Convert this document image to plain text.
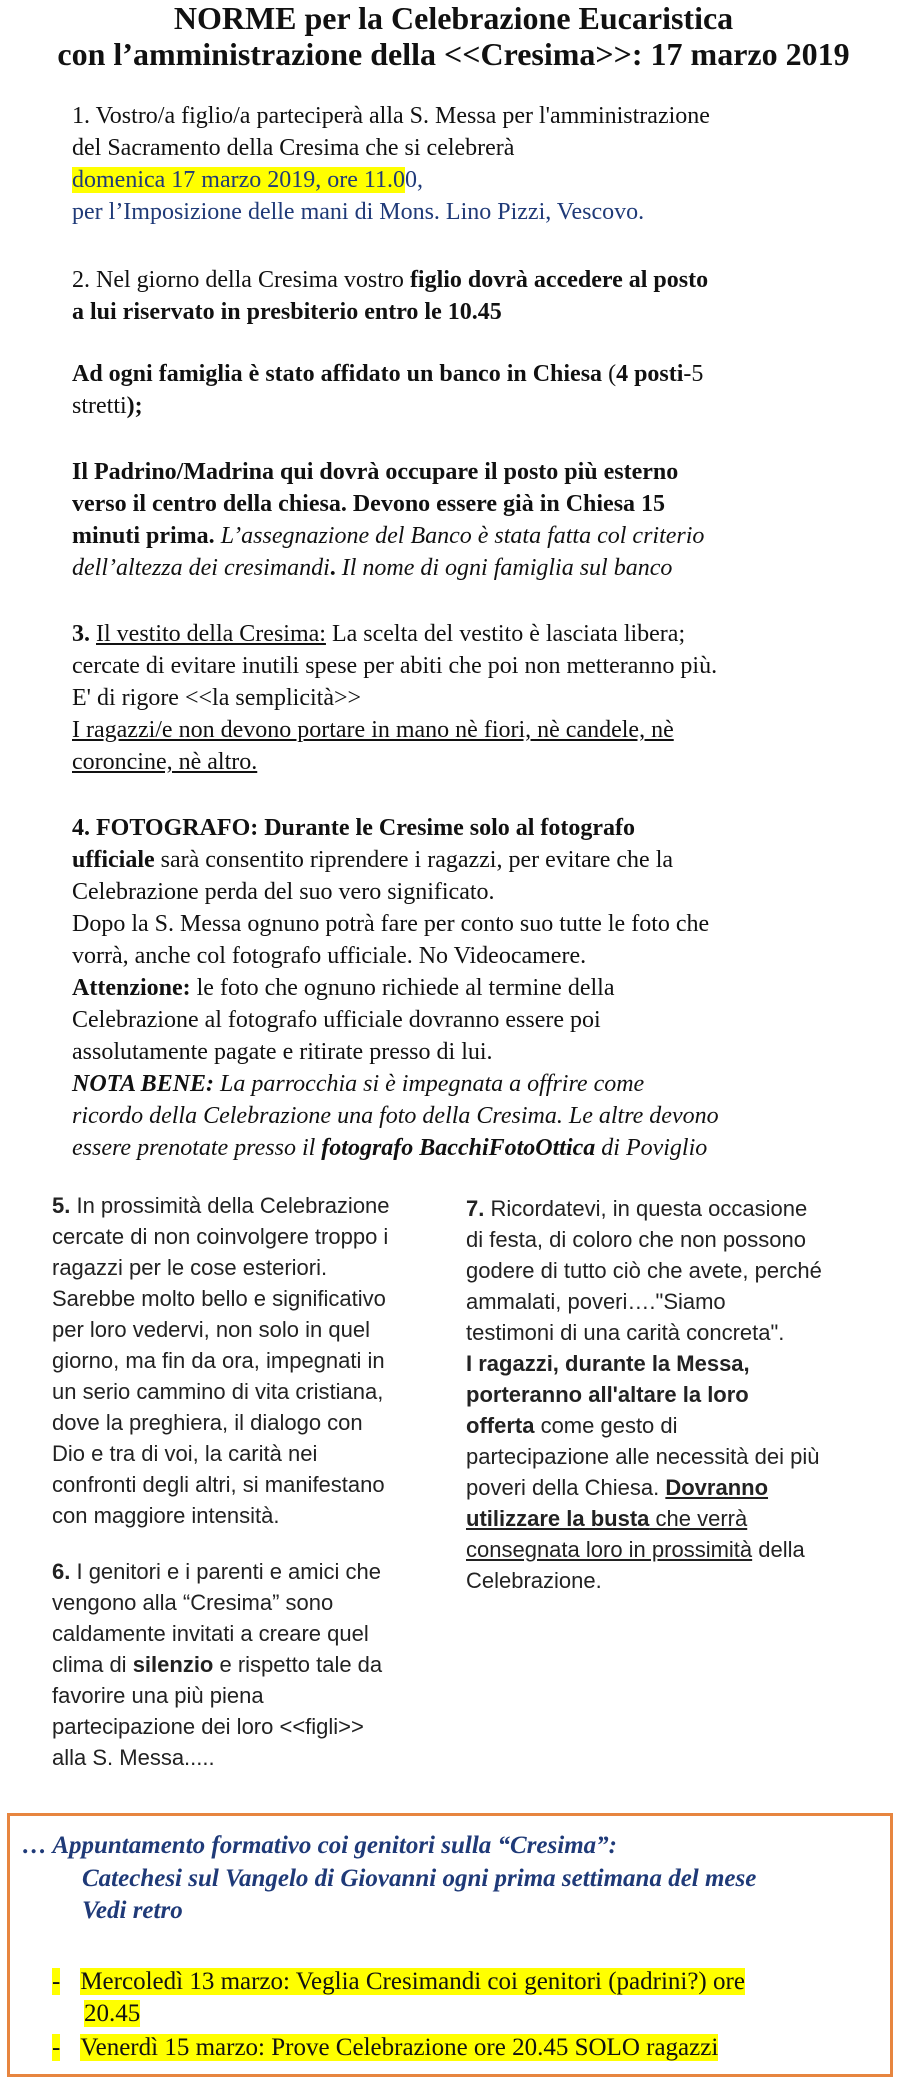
NORME per la Celebrazione Eucaristica
con l’amministrazione della <<Cresima>>: 17 marzo 2019
1. Vostro/a figlio/a parteciperà alla S. Messa per l'amministrazione
del Sacramento della Cresima che si celebrerà
domenica 17 marzo 2019, ore 11.00,
per l’Imposizione delle mani di Mons. Lino Pizzi, Vescovo.
2. Nel giorno della Cresima vostro figlio dovrà accedere al posto
a lui riservato in presbiterio entro le 10.45
Ad ogni famiglia è stato affidato un banco in Chiesa (4 posti-5
stretti);
Il Padrino/Madrina qui dovrà occupare il posto più esterno
verso il centro della chiesa. Devono essere già in Chiesa 15
minuti prima. L’assegnazione del Banco è stata fatta col criterio
dell’altezza dei cresimandi. Il nome di ogni famiglia sul banco
3. Il vestito della Cresima: La scelta del vestito è lasciata libera;
cercate di evitare inutili spese per abiti che poi non metteranno più.
E' di rigore <<la semplicità>>
I ragazzi/e non devono portare in mano nè fiori, nè candele, nè
coroncine, nè altro.
4. FOTOGRAFO: Durante le Cresime solo al fotografo
ufficiale sarà consentito riprendere i ragazzi, per evitare che la
Celebrazione perda del suo vero significato.
Dopo la S. Messa ognuno potrà fare per conto suo tutte le foto che
vorrà, anche col fotografo ufficiale. No Videocamere.
Attenzione: le foto che ognuno richiede al termine della
Celebrazione al fotografo ufficiale dovranno essere poi
assolutamente pagate e ritirate presso di lui.
NOTA BENE: La parrocchia si è impegnata a offrire come
ricordo della Celebrazione una foto della Cresima. Le altre devono
essere prenotate presso il fotografo BacchiFotoOttica di Poviglio

5. In prossimità della Celebrazione

cercate di non coinvolgere troppo i

ragazzi per le cose esteriori.

Sarebbe molto bello e significativo

per loro vedervi, non solo in quel

giorno, ma fin da ora, impegnati in

un serio cammino di vita cristiana,

dove la preghiera, il dialogo con

Dio e tra di voi, la carità nei

confronti degli altri, si manifestano

con maggiore intensità.

6. I genitori e i parenti e amici che

vengono alla “Cresima” sono

caldamente invitati a creare quel

clima di silenzio e rispetto tale da

favorire una più piena

partecipazione dei loro <<figli>>

alla S. Messa.....

7. Ricordatevi, in questa occasione

di festa, di coloro che non possono

godere di tutto ciò che avete, perché

ammalati, poveri…."Siamo

testimoni di una carità concreta".

I ragazzi, durante la Messa,

porteranno all'altare la loro

offerta come gesto di

partecipazione alle necessità dei più

poveri della Chiesa. Dovranno

utilizzare la busta che verrà

consegnata loro in prossimità della

Celebrazione.

… Appuntamento formativo coi genitori sulla “Cresima”:
Catechesi sul Vangelo di Giovanni ogni prima settimana del mese
Vedi retro
- Mercoledì 13 marzo: Veglia Cresimandi coi genitori (padrini?) ore
20.45
- Venerdì 15 marzo: Prove Celebrazione ore 20.45 SOLO ragazzi
